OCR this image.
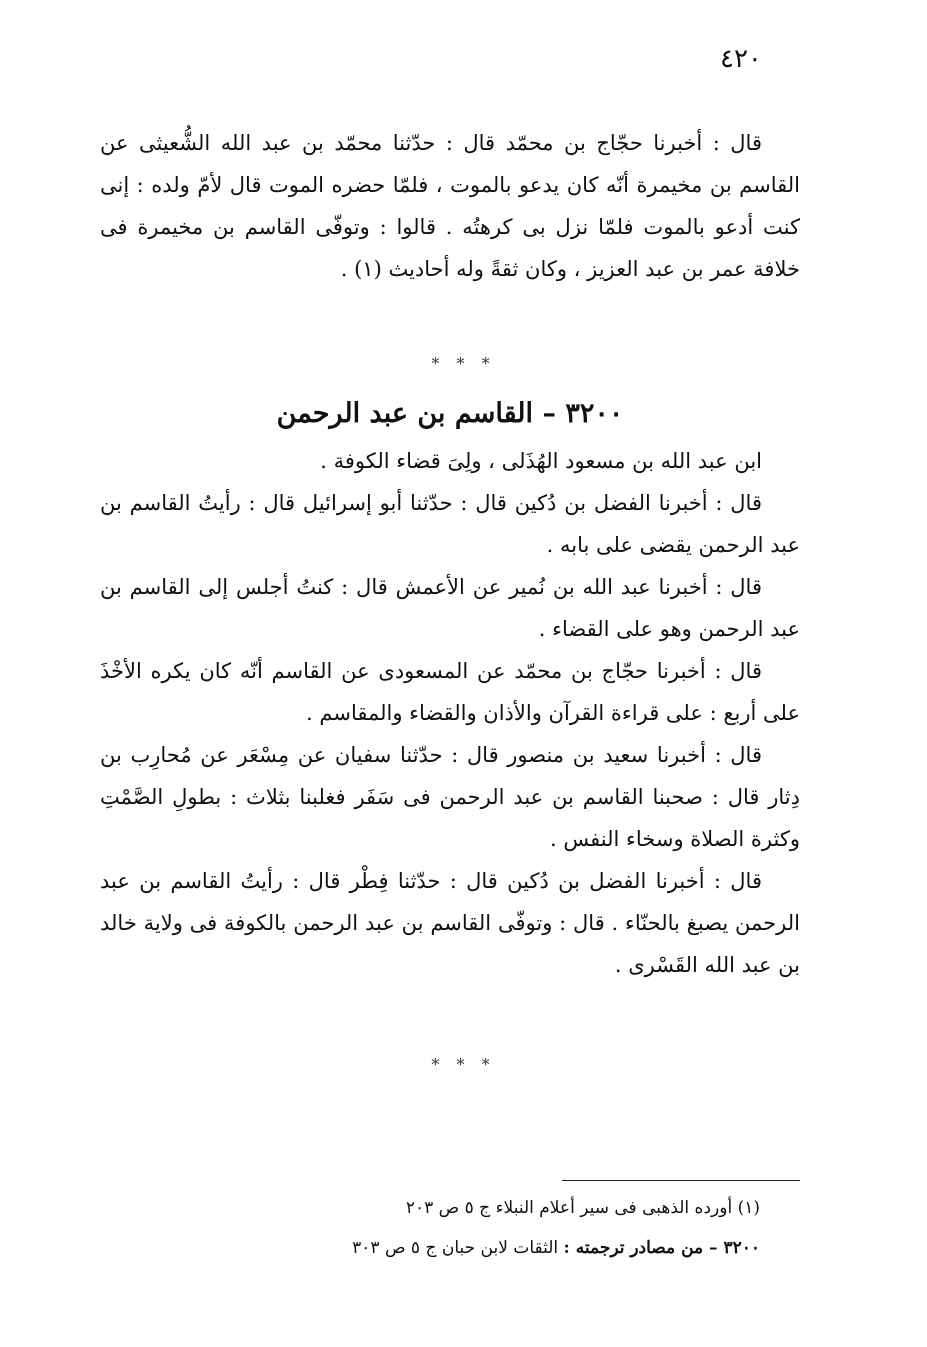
٤٢٠

قال : أخبرنا حجّاج بن محمّد قال : حدّثنا محمّد بن عبد الله الشُّعيثى عن القاسم بن مخيمرة أنّه كان يدعو بالموت ، فلمّا حضره الموت قال لأمّ ولده : إنى كنت أدعو بالموت فلمّا نزل بى كرهتُه . قالوا : وتوفّى القاسم بن مخيمرة فى خلافة عمر بن عبد العزيز ، وكان ثقةً وله أحاديث (١) .

* * *
٣٢٠٠ – القاسم بن عبد الرحمن

ابن عبد الله بن مسعود الهُذَلى ، ولِىَ قضاء الكوفة .

قال : أخبرنا الفضل بن دُكين قال : حدّثنا أبو إسرائيل قال : رأيتُ القاسم بن عبد الرحمن يقضى على بابه .

قال : أخبرنا عبد الله بن نُمير عن الأعمش قال : كنتُ أجلس إلى القاسم بن عبد الرحمن وهو على القضاء .

قال : أخبرنا حجّاج بن محمّد عن المسعودى عن القاسم أنّه كان يكره الأخْذَ على أربع : على قراءة القرآن والأذان والقضاء والمقاسم .

قال : أخبرنا سعيد بن منصور قال : حدّثنا سفيان عن مِسْعَر عن مُحارِب بن دِثار قال : صحبنا القاسم بن عبد الرحمن فى سَفَر فغلبنا بثلاث : بطولِ الصَّمْتِ وكثرة الصلاة وسخاء النفس .

قال : أخبرنا الفضل بن دُكين قال : حدّثنا فِطْر قال : رأيتُ القاسم بن عبد الرحمن يصبغ بالحنّاء . قال : وتوفّى القاسم بن عبد الرحمن بالكوفة فى ولاية خالد بن عبد الله القَسْرى .

* * *

(١) أورده الذهبى فى سير أعلام النبلاء ج ٥ ص ٢٠٣

٣٢٠٠ – من مصادر ترجمته : الثقات لابن حبان ج ٥ ص ٣٠٣
